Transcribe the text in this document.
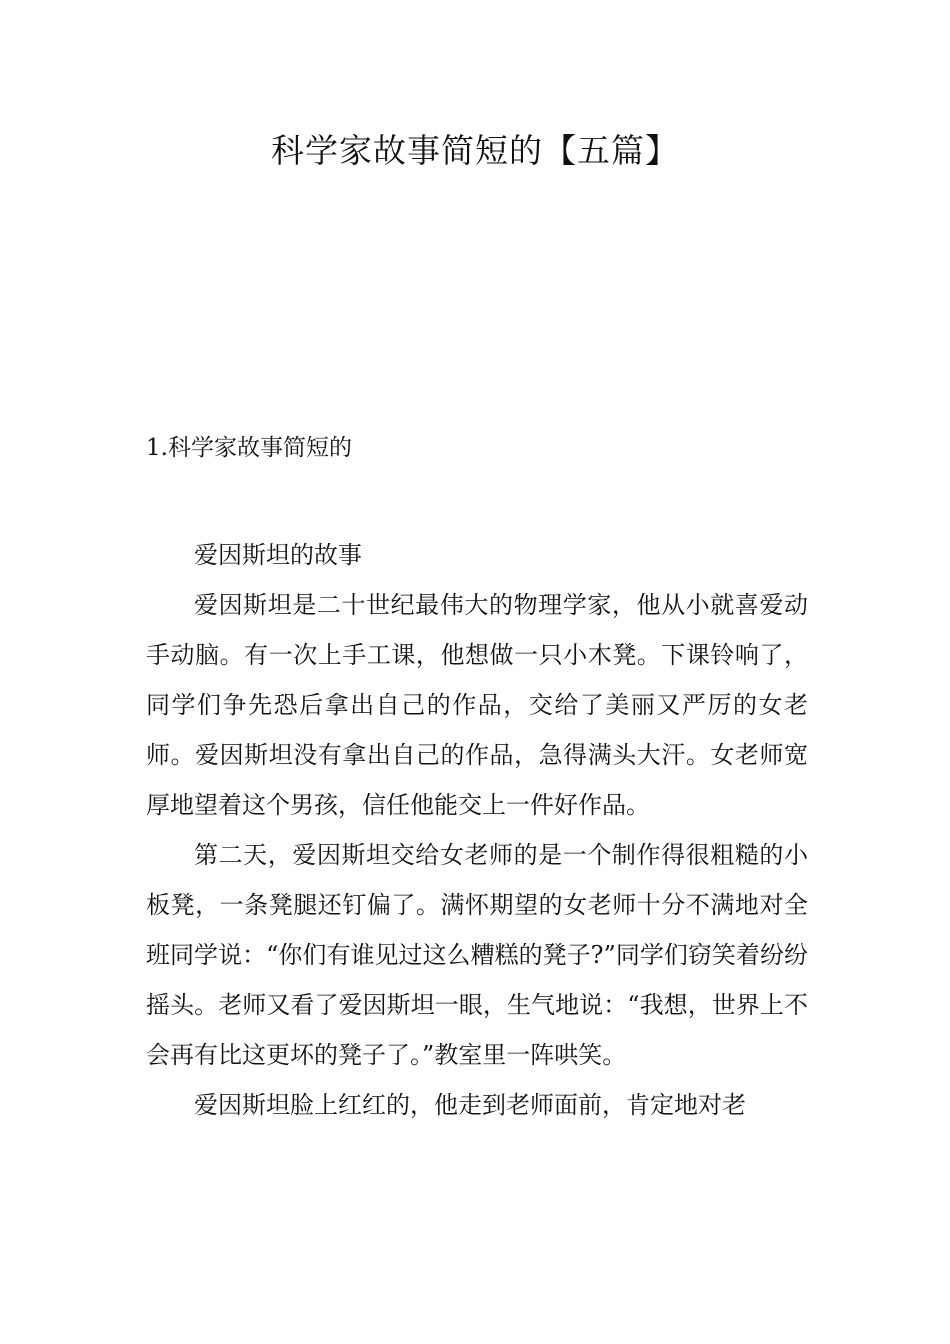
科学家故事简短的【五篇】
1.科学家故事简短的

爱因斯坦的故事

爱因斯坦是二十世纪最伟大的物理学家，他从小就喜爱动手动脑。有一次上手工课，他想做一只小木凳。下课铃响了，同学们争先恐后拿出自己的作品，交给了美丽又严厉的女老师。爱因斯坦没有拿出自己的作品，急得满头大汗。女老师宽厚地望着这个男孩，信任他能交上一件好作品。

第二天，爱因斯坦交给女老师的是一个制作得很粗糙的小板凳，一条凳腿还钉偏了。满怀期望的女老师十分不满地对全班同学说：“你们有谁见过这么糟糕的凳子?”同学们窃笑着纷纷摇头。老师又看了爱因斯坦一眼，生气地说：“我想，世界上不会再有比这更坏的凳子了。”教室里一阵哄笑。

爱因斯坦脸上红红的，他走到老师面前，肯定地对老
